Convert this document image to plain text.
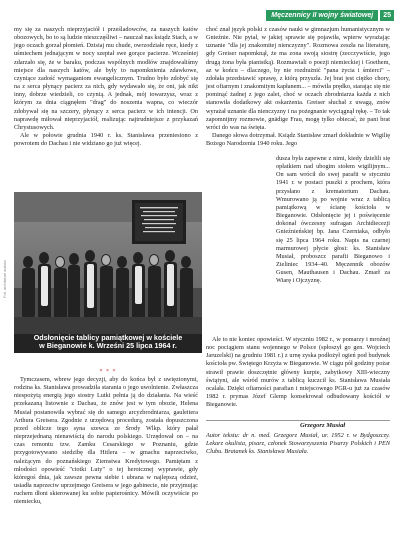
Męczennicy II wojny światowej	25

my się za naszych nieprzyjaciół i prześladowców, za naszych katów obozowych, bo to są ludzie nieszczęśliwi – nauczał nas ksiądz Stach, a w jego oczach gorzał płomień. Dzisiaj mu chude, owrzodziałe ręce, kiedy z uśmiechem jednającym w nocy szeptał swe gorące pacierze. Wcześniej zdarzało się, że w baraku, podczas wspólnych modłów znajdowaliśmy miejsce dla naszych katów, ale były to napomknienia zdawkowe, czyniące zadość wymaganiom ewangelicznym. Trudno było zdobyć się na z serca płynący pacierz za nich, gdy wydawało się, że oni, jak nikt inny, dobrze wiedzieli, co czynią. A jednak, mój towarzysz, wraz z którym za dnia ciągnęłem "drag" do noszenia wapna, co wieczór zdobywał się na szczery, płynący z serca pacierz w ich intencji. On naprawdę miłował nieprzyjaciół, realizując najtrudniejsze z przykazań Chrystusowych.

Ale w połowie grudnia 1940 r. ks. Stanisława przeniesiono z powrotem do Dachau i nie widziano go już więcej.

choć znał język polski z czasów nauki w gimnazjum humanistycznym w Gnieźnie. Nie pytał, w jakiej sprawie się pojawiła, wpierw wyrażając uznanie "dla jej znakomitej nienczyzny". Rozmowa zeszła na literaturę, gdy Greiser napomknął, że ma zona swoją siostrę (zecczywiście, jego drugą żona była pianistką). Rozmawiali o poezji niemieckiej i Goethem, az w końcu – dlaczego, by nie rozdrażnić "pana życia i śmierci" – zdołała przedstawić sprawę, z którą przyszła. Jej brat jest ciężko chory, jest ofiarnym i znakomitym kapłanem... – mówiła prędko, starając się nie pominąć żadnej z jego zalet, choć w oczach zbrodniarza każda z nich stanowiła dodatkowy akt oskarżenia. Greiser słuchał z uwagą, znów wyrażał uznanie dla nienczyzny i na pożegnanie wyciągnął rękę. – To tak zapomnijmy rozmowie, gnädige Frau, mogę tylko obiecać, że pani brat wróci do was na święta.

Danego słowa dotrzymał. Ksiądz Stanisław zmarł dokładnie w Wigilię Bożego Narodzenia 1940 roku. Jego

Fot. archiwum autora
Odsłonięcie tablicy pamiątkowej w kościele
w Bieganowie k. Wrześni 25 lipca 1964 r.

dusza była zapewne z nimi, kiedy dzielili się opłatkiem nad ubogim stołem wigilijnym... On sam wrócił do swej parafii w styczniu 1941 r. w postaci puszki z prochem, która przysłano z krematorium Dachau. Wmurowano ją po wojnie wraz z tablicą pamiątkową w ścianę kościoła w Bieganowie. Odsłonięcie jej i poświęcenie dokonał ówczesny sufragan Archidiecezji Gnieźnieńskiej bp. Jana Czerniaka, odbyło się 25 lipca 1964 roku. Napis na czarnej marmurowej płycie głosi: ks. Stanisław Musiał, proboszcz parafii Bieganowo i Zieliniec 1934–40. Męczennik obozów Gusen, Mauthausen i Dachau. Zmarł za Wiarę i Ojczyznę.

Ale to nie koniec opowieści. W styczniu 1982 r., w pomarzy i mroźnej noc pociągiem stanu wojennego w Polsce (spłoszył go gen. Wojciech Jaruzelski) na grudniu 1981 r.) z urnę zyska podłożył ogień pod budynek kościoła pw. Świętego Krzyża w Bieganowie. W ciągu pół godziny pożar strawił prawie doszczętnie główny kurpie, zabytkowy XIII-wieczny świątyni, ale wśród murów z tablicą kuczcił ks. Stanisława Musiała ocalała. Dzięki ofiarności parafian i miejscowego PGR-u już za czasów 1982 r. prymas Józef Glemp konsekrował odbudowany kościół w Bieganowie.

* * *

Tymczasem, wbrew jego decyzji, aby do końca był z uwięzionymi, rodzina ks. Stanisława prowadziła starania o jego uwolnienie. Zwłaszcza niespożytą energią jego siostry Lutki pełnia ją do działania. Na wieść przekazaną listownie z Dachau, że znów jest w tym obozie, Helena Musiał postanowiła wybrać się do samego arcyzbrodniarza, gauleitera Arthura Greisera. Zgodnie z urzędową procedurą, została dopuszczona przed oblicze tego syna szewca ze Środy Wlkp. który pałał nieprzejednaną nienawiścią do narodu polskiego. Urzędował on – na czas remontu tzw. Zamku Cesarskiego w Poznaniu, gdzie przygotowywano siedzibę dla Hitlera – w gmachu naprzeciwko, należącym do poznańskiego Ziemstwa Kredytowego. Pamiętam z młodości opowieść "ciotki Luty" o tej heroicznej wyprawie, gdy któregoś dnia, jak zawsze pewna siebie i ubrana w najlepszą odzież, usiadła naprzeciw uprzejmego Greisera w jego gabinecie, nie przyjmując ruchem dłoni skierowanej ku sobie papierośnicy. Mówili oczywiście po niemiecku,

Grzegorz Musiał
Autor tekstu: dr n. med. Grzegorz Musiał, ur. 1952 r. w Bydgoszczy. Lekarz okulista, pisarz, członek Stowarzyszenia Pisarzy Polskich i PEN Clubu. Bratanek ks. Stanisława Musiała.
